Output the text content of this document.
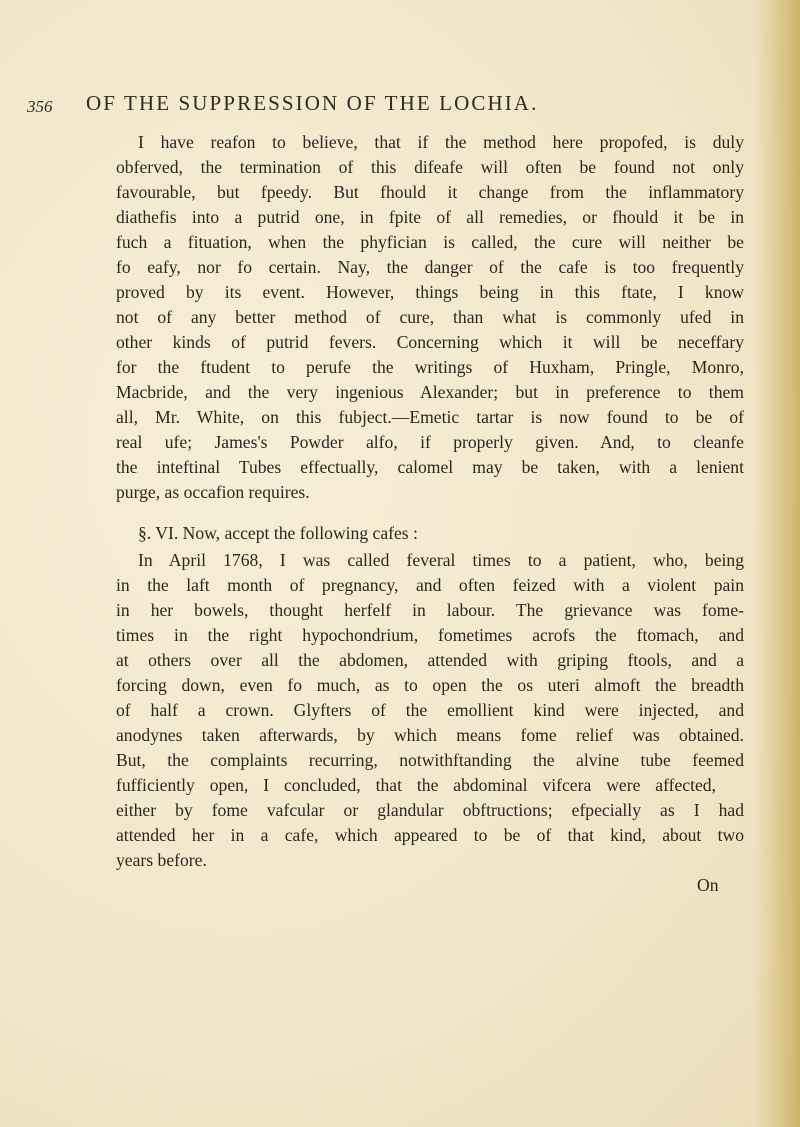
356 OF THE SUPPRESSION OF THE LOCHIA.
I have reafon to believe, that if the method here propofed, is duly
obferved, the termination of this difeafe will often be found not only
favourable, but fpeedy. But fhould it change from the inflammatory
diathefis into a putrid one, in fpite of all remedies, or fhould it be in
fuch a fituation, when the phyfician is called, the cure will neither be
fo eafy, nor fo certain. Nay, the danger of the cafe is too frequently
proved by its event. However, things being in this ftate, I know
not of any better method of cure, than what is commonly ufed in
other kinds of putrid fevers. Concerning which it will be neceffary
for the ftudent to perufe the writings of Huxham, Pringle, Monro,
Macbride, and the very ingenious Alexander; but in preference to them
all, Mr. White, on this fubject.—Emetic tartar is now found to be of
real ufe; James's Powder alfo, if properly given. And, to cleanfe
the inteftinal Tubes effectually, calomel may be taken, with a lenient
purge, as occafion requires.
§. VI. Now, accept the following cafes :
In April 1768, I was called feveral times to a patient, who, being
in the laft month of pregnancy, and often feized with a violent pain
in her bowels, thought herfelf in labour. The grievance was fome-
times in the right hypochondrium, fometimes acrofs the ftomach, and
at others over all the abdomen, attended with griping ftools, and a
forcing down, even fo much, as to open the os uteri almoft the breadth
of half a crown. Glyfters of the emollient kind were injected, and
anodynes taken afterwards, by which means fome relief was obtained.
But, the complaints recurring, notwithftanding the alvine tube feemed
fufficiently open, I concluded, that the abdominal vifcera were affected,
either by fome vafcular or glandular obftructions; efpecially as I had
attended her in a cafe, which appeared to be of that kind, about two
years before.
On
